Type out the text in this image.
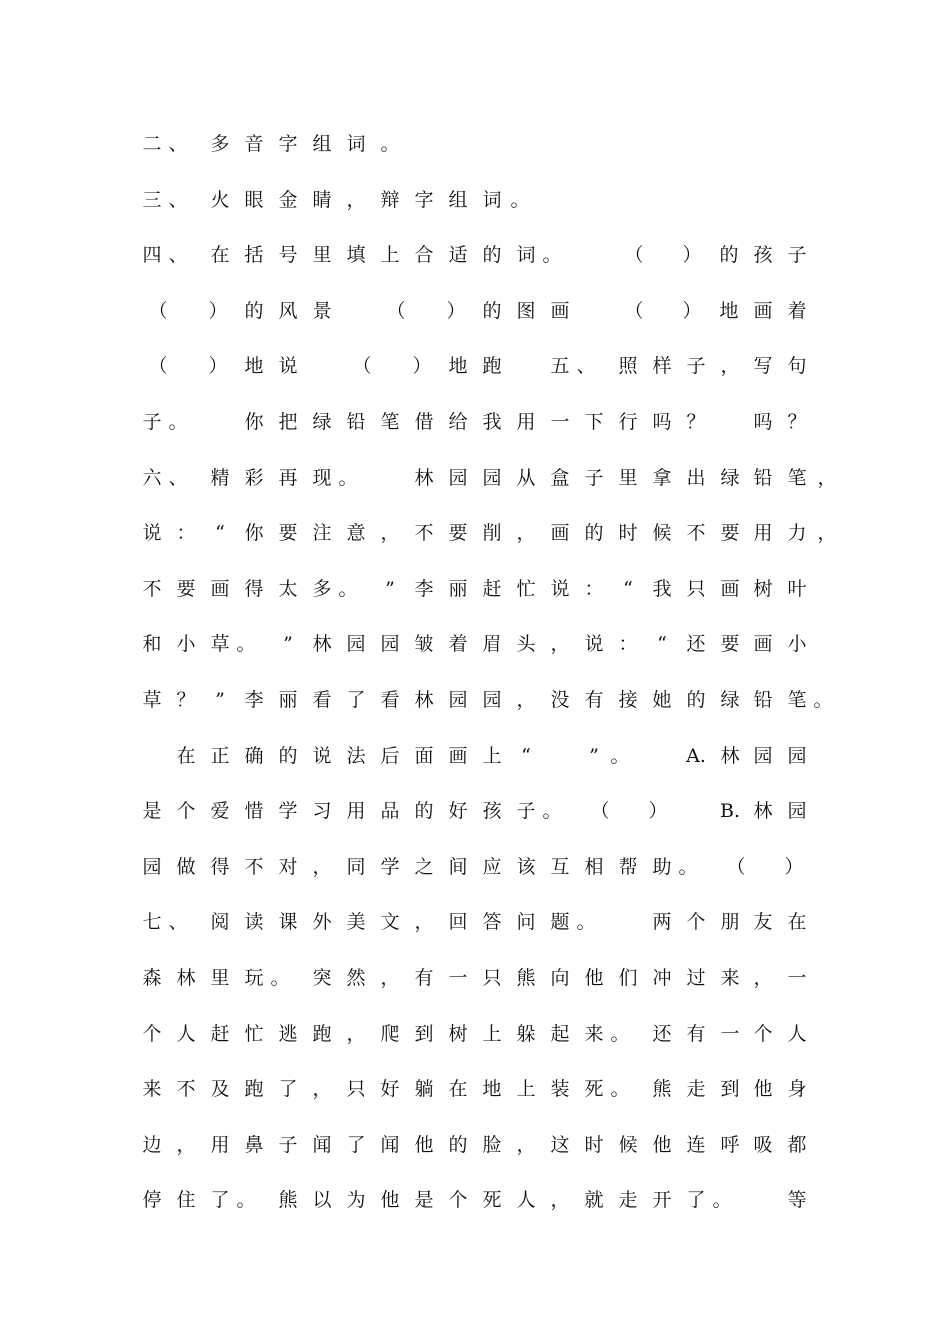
二 、 多 音 字 组 词 。
三 、 火 眼 金 睛 ， 辩 字 组 词 。
四 、 在 括 号 里 填 上 合 适 的 词 。	（ ） 的 孩 子
（ ） 的 风 景	（ ） 的 图 画	（ ） 地 画 着
（ ） 地 说	（ ） 地 跑	五 、 照 样 子 ， 写 句
子 。	你 把 绿 铅 笔 借 给 我 用 一 下 行 吗 ？	吗 ？
六 、 精 彩 再 现 。	林 园 园 从 盒 子 里 拿 出 绿 铅 笔 ，
说 ： “ 你 要 注 意 ， 不 要 削 ， 画 的 时 候 不 要 用 力 ，
不 要 画 得 太 多 。 ” 李 丽 赶 忙 说 ： “ 我 只 画 树 叶
和 小 草 。 ” 林 园 园 皱 着 眉 头 ， 说 ： “ 还 要 画 小
草 ？ ” 李 丽 看 了 看 林 园 园 ， 没 有 接 她 的 绿 铅 笔 。
在 正 确 的 说 法 后 面 画 上 “	” 。	A. 林 园 园
是 个 爱 惜 学 习 用 品 的 好 孩 子 。 （ ）	B. 林 园
园 做 得 不 对 ， 同 学 之 间 应 该 互 相 帮 助 。 （ ）
七 、 阅 读 课 外 美 文 ， 回 答 问 题 。	两 个 朋 友 在
森 林 里 玩 。 突 然 ， 有 一 只 熊 向 他 们 冲 过 来 ， 一
个 人 赶 忙 逃 跑 ， 爬 到 树 上 躲 起 来 。 还 有 一 个 人
来 不 及 跑 了 ， 只 好 躺 在 地 上 装 死 。 熊 走 到 他 身
边 ， 用 鼻 子 闻 了 闻 他 的 脸 ， 这 时 候 他 连 呼 吸 都
停 住 了 。 熊 以 为 他 是 个 死 人 ， 就 走 开 了 。	等
